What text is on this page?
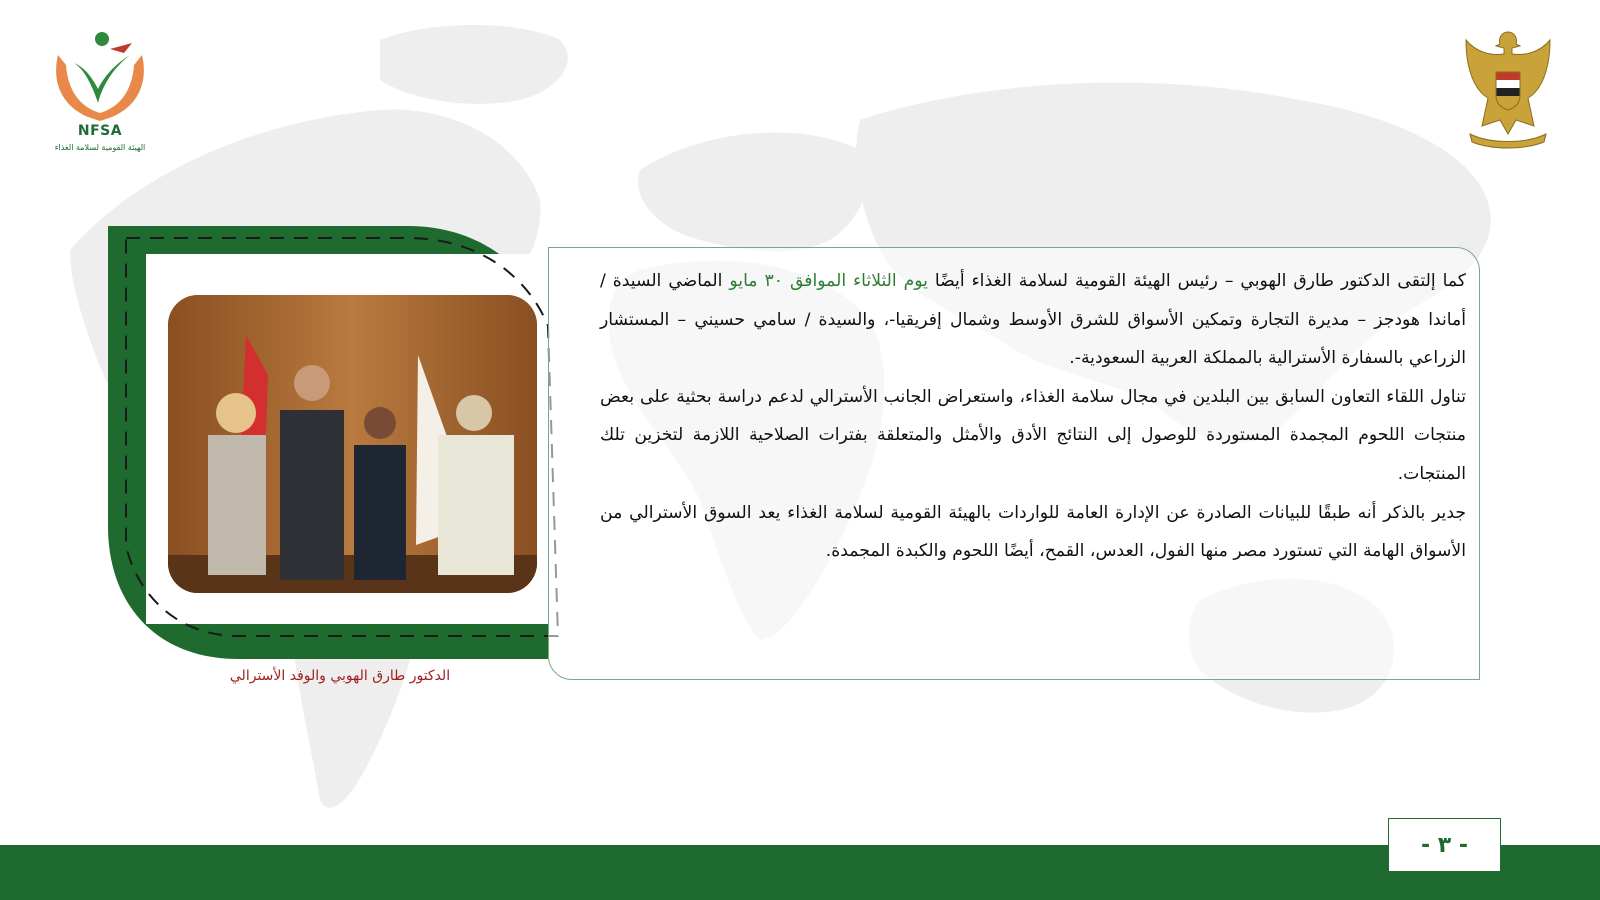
NFSA
الهيئة القومية لسلامة الغذاء
الدكتور طارق الهوبي والوفد الأسترالي

كما إلتقى الدكتور طارق الهوبي – رئيس الهيئة القومية لسلامة الغذاء أيضًا يوم الثلاثاء الموافق ٣٠ مايو الماضي السيدة / أماندا هودجز – مديرة التجارة وتمكين الأسواق للشرق الأوسط وشمال إفريقيا-، والسيدة / سامي حسيني – المستشار الزراعي بالسفارة الأسترالية بالمملكة العربية السعودية-.

تناول اللقاء التعاون السابق بين البلدين في مجال سلامة الغذاء، واستعراض الجانب الأسترالي لدعم دراسة بحثية على بعض منتجات اللحوم المجمدة المستوردة للوصول إلى النتائج الأدق والأمثل والمتعلقة بفترات الصلاحية اللازمة لتخزين تلك المنتجات.

جدير بالذكر أنه طبقًا للبيانات الصادرة عن الإدارة العامة للواردات بالهيئة القومية لسلامة الغذاء يعد السوق الأسترالي من الأسواق الهامة التي تستورد مصر منها الفول، العدس، القمح، أيضًا اللحوم والكبدة المجمدة.

- ٣ -
